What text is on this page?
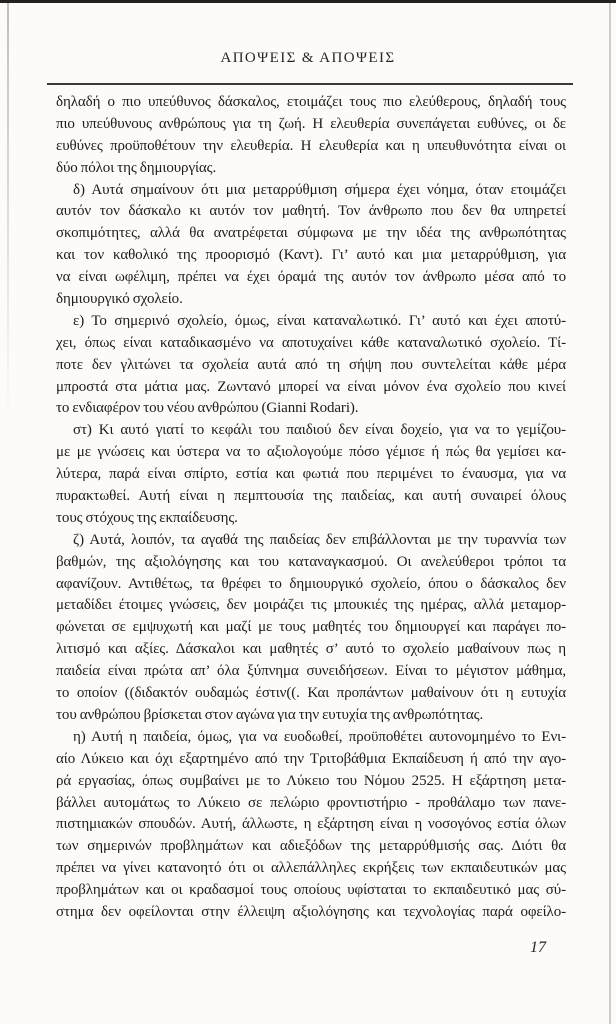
ΑΠΟΨΕΙΣ & ΑΠΟΨΕΙΣ

δηλαδή ο πιο υπεύθυνος δάσκαλος, ετοιμάζει τους πιο ελεύθερους, δηλαδή τους
πιο υπεύθυνους ανθρώπους για τη ζωή. Η ελευθερία συνεπάγεται ευθύνες, οι δε
ευθύνες προϋποθέτουν την ελευθερία. Η ελευθερία και η υπευθυνότητα είναι οι
δύο πόλοι της δημιουργίας.

δ) Αυτά σημαίνουν ότι μια μεταρρύθμιση σήμερα έχει νόημα, όταν ετοιμάζει
αυτόν τον δάσκαλο κι αυτόν τον μαθητή. Τον άνθρωπο που δεν θα υπηρετεί
σκοπιμότητες, αλλά θα ανατρέφεται σύμφωνα με την ιδέα της ανθρωπότητας
και τον καθολικό της προορισμό (Καντ). Γι’ αυτό και μια μεταρρύθμιση, για
να είναι ωφέλιμη, πρέπει να έχει όραμά της αυτόν τον άνθρωπο μέσα από το
δημιουργικό σχολείο.

ε) Το σημερινό σχολείο, όμως, είναι καταναλωτικό. Γι’ αυτό και έχει αποτύ-
χει, όπως είναι καταδικασμένο να αποτυχαίνει κάθε καταναλωτικό σχολείο. Τί-
ποτε δεν γλιτώνει τα σχολεία αυτά από τη σήψη που συντελείται κάθε μέρα
μπροστά στα μάτια μας. Ζωντανό μπορεί να είναι μόνον ένα σχολείο που κινεί
το ενδιαφέρον του νέου ανθρώπου (Gianni Rodari).

στ) Κι αυτό γιατί το κεφάλι του παιδιού δεν είναι δοχείο, για να το γεμίζου-
με με γνώσεις και ύστερα να το αξιολογούμε πόσο γέμισε ή πώς θα γεμίσει κα-
λύτερα, παρά είναι σπίρτο, εστία και φωτιά που περιμένει το έναυσμα, για να
πυρακτωθεί. Αυτή είναι η πεμπτουσία της παιδείας, και αυτή συναιρεί όλους
τους στόχους της εκπαίδευσης.

ζ) Αυτά, λοιπόν, τα αγαθά της παιδείας δεν επιβάλλονται με την τυραννία των
βαθμών, της αξιολόγησης και του καταναγκασμού. Οι ανελεύθεροι τρόποι τα
αφανίζουν. Αντιθέτως, τα θρέφει το δημιουργικό σχολείο, όπου ο δάσκαλος δεν
μεταδίδει έτοιμες γνώσεις, δεν μοιράζει τις μπουκιές της ημέρας, αλλά μεταμορ-
φώνεται σε εμψυχωτή και μαζί με τους μαθητές του δημιουργεί και παράγει πο-
λιτισμό και αξίες. Δάσκαλοι και μαθητές σ’ αυτό το σχολείο μαθαίνουν πως η
παιδεία είναι πρώτα απ’ όλα ξύπνημα συνειδήσεων. Είναι το μέγιστον μάθημα,
το οποίον ((διδακτόν ουδαμώς έστιν((. Και προπάντων μαθαίνουν ότι η ευτυχία
του ανθρώπου βρίσκεται στον αγώνα για την ευτυχία της ανθρωπότητας.

η) Αυτή η παιδεία, όμως, για να ευοδωθεί, προϋποθέτει αυτονομημένο το Ενι-
αίο Λύκειο και όχι εξαρτημένο από την Τριτοβάθμια Εκπαίδευση ή από την αγο-
ρά εργασίας, όπως συμβαίνει με το Λύκειο του Νόμου 2525. Η εξάρτηση μετα-
βάλλει αυτομάτως το Λύκειο σε πελώριο φροντιστήριο - προθάλαμο των πανε-
πιστημιακών σπουδών. Αυτή, άλλωστε, η εξάρτηση είναι η νοσογόνος εστία όλων
των σημερινών προβλημάτων και αδιεξόδων της μεταρρύθμισής σας. Διότι θα
πρέπει να γίνει κατανοητό ότι οι αλλεπάλληλες εκρήξεις των εκπαιδευτικών μας
προβλημάτων και οι κραδασμοί τους οποίους υφίσταται το εκπαιδευτικό μας σύ-
στημα δεν οφείλονται στην έλλειψη αξιολόγησης και τεχνολογίας παρά οφείλο-

17
